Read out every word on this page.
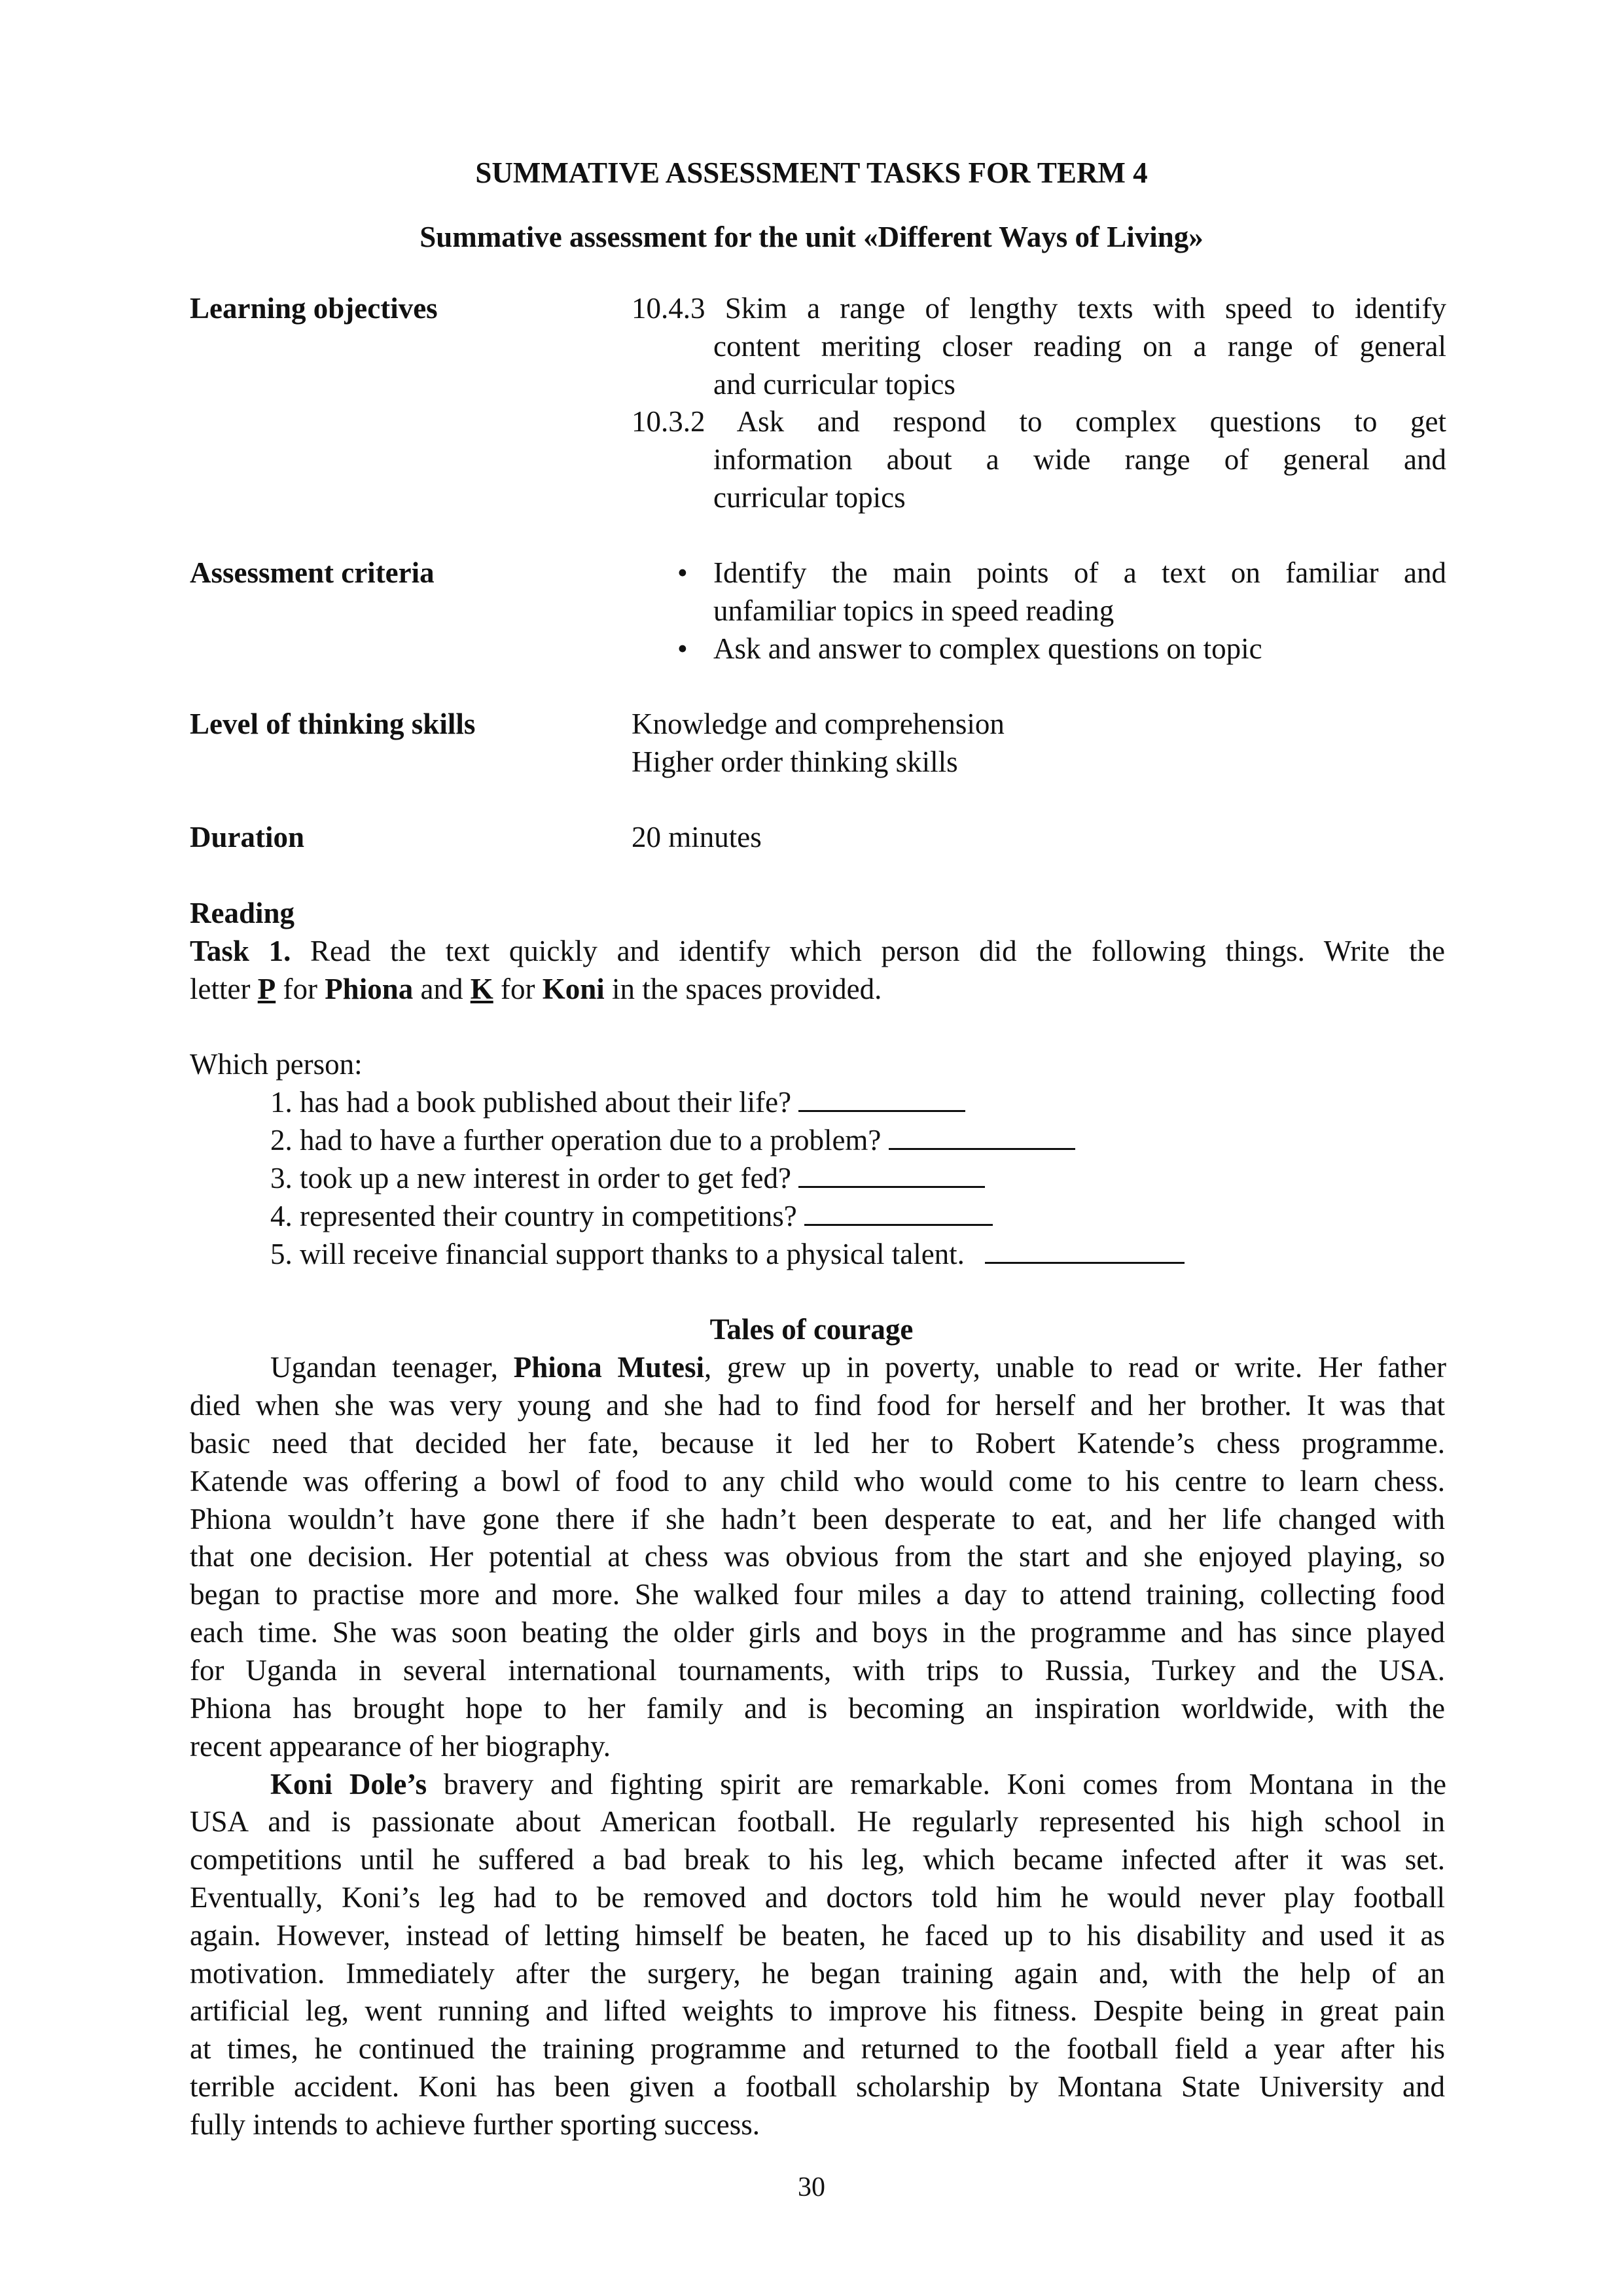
SUMMATIVE ASSESSMENT TASKS FOR TERM 4
Summative assessment for the unit «Different Ways of Living»
Learning objectives	10.4.3 Skim a range of lengthy texts with speed to identify
content meriting closer reading on a range of general
and curricular topics
10.3.2 Ask and respond to complex questions to get
information about a wide range of general and
curricular topics
Assessment criteria	• Identify the main points of a text on familiar and
unfamiliar topics in speed reading
• Ask and answer to complex questions on topic
Level of thinking skills	Knowledge and comprehension
Higher order thinking skills
Duration	20 minutes
Reading
Task 1. Read the text quickly and identify which person did the following things. Write the
letter P for Phiona and K for Koni in the spaces provided.
Which person:
1. has had a book published about their life?
2. had to have a further operation due to a problem?
3. took up a new interest in order to get fed?
4. represented their country in competitions?
5. will receive financial support thanks to a physical talent.
Tales of courage
Ugandan teenager, Phiona Mutesi, grew up in poverty, unable to read or write. Her father
died when she was very young and she had to find food for herself and her brother. It was that
basic need that decided her fate, because it led her to Robert Katende’s chess programme.
Katende was offering a bowl of food to any child who would come to his centre to learn chess.
Phiona wouldn’t have gone there if she hadn’t been desperate to eat, and her life changed with
that one decision. Her potential at chess was obvious from the start and she enjoyed playing, so
began to practise more and more. She walked four miles a day to attend training, collecting food
each time. She was soon beating the older girls and boys in the programme and has since played
for Uganda in several international tournaments, with trips to Russia, Turkey and the USA.
Phiona has brought hope to her family and is becoming an inspiration worldwide, with the
recent appearance of her biography.
Koni Dole’s bravery and fighting spirit are remarkable. Koni comes from Montana in the
USA and is passionate about American football. He regularly represented his high school in
competitions until he suffered a bad break to his leg, which became infected after it was set.
Eventually, Koni’s leg had to be removed and doctors told him he would never play football
again. However, instead of letting himself be beaten, he faced up to his disability and used it as
motivation. Immediately after the surgery, he began training again and, with the help of an
artificial leg, went running and lifted weights to improve his fitness. Despite being in great pain
at times, he continued the training programme and returned to the football field a year after his
terrible accident. Koni has been given a football scholarship by Montana State University and
fully intends to achieve further sporting success.
30
